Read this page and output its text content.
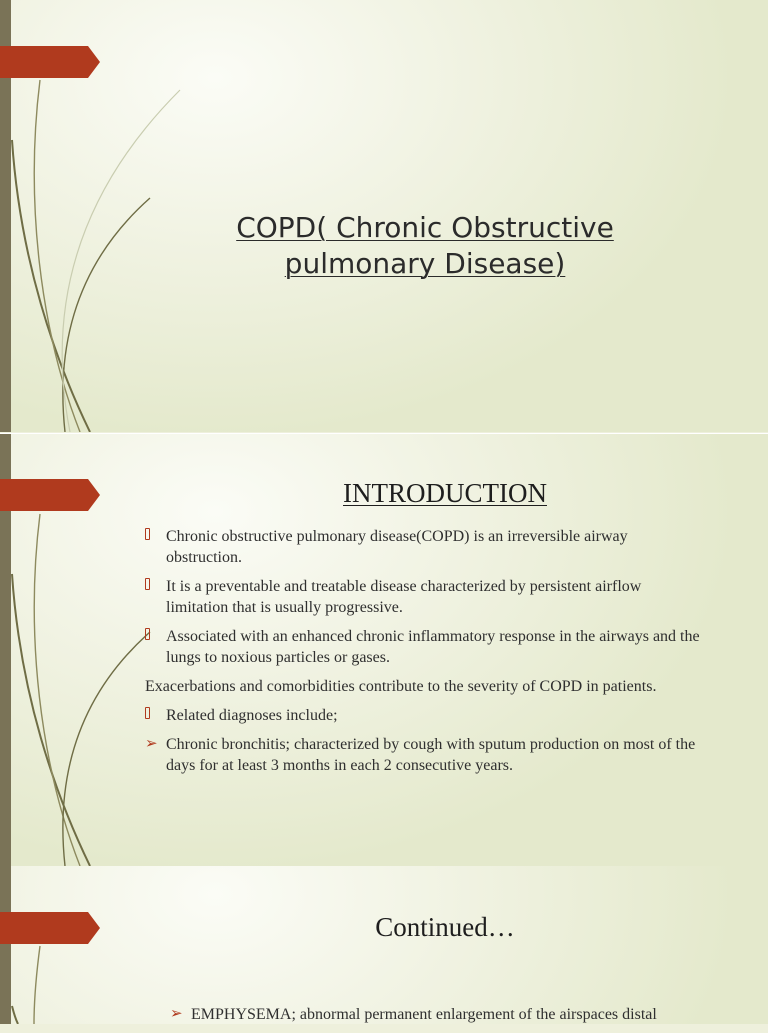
COPD( Chronic Obstructive pulmonary Disease)
INTRODUCTION
Chronic obstructive pulmonary disease(COPD) is an irreversible airway obstruction.
It is a preventable and treatable disease characterized by persistent airflow limitation that is usually progressive.
Associated with an enhanced chronic inflammatory response in the airways and the lungs to noxious particles or gases.
Exacerbations and comorbidities contribute to the severity of COPD in patients.
Related diagnoses include;
➢ Chronic bronchitis; characterized by cough with sputum production on most of the days for at least 3 months in each 2 consecutive years.
Continued…
➢ EMPHYSEMA; abnormal permanent enlargement of the airspaces distal
